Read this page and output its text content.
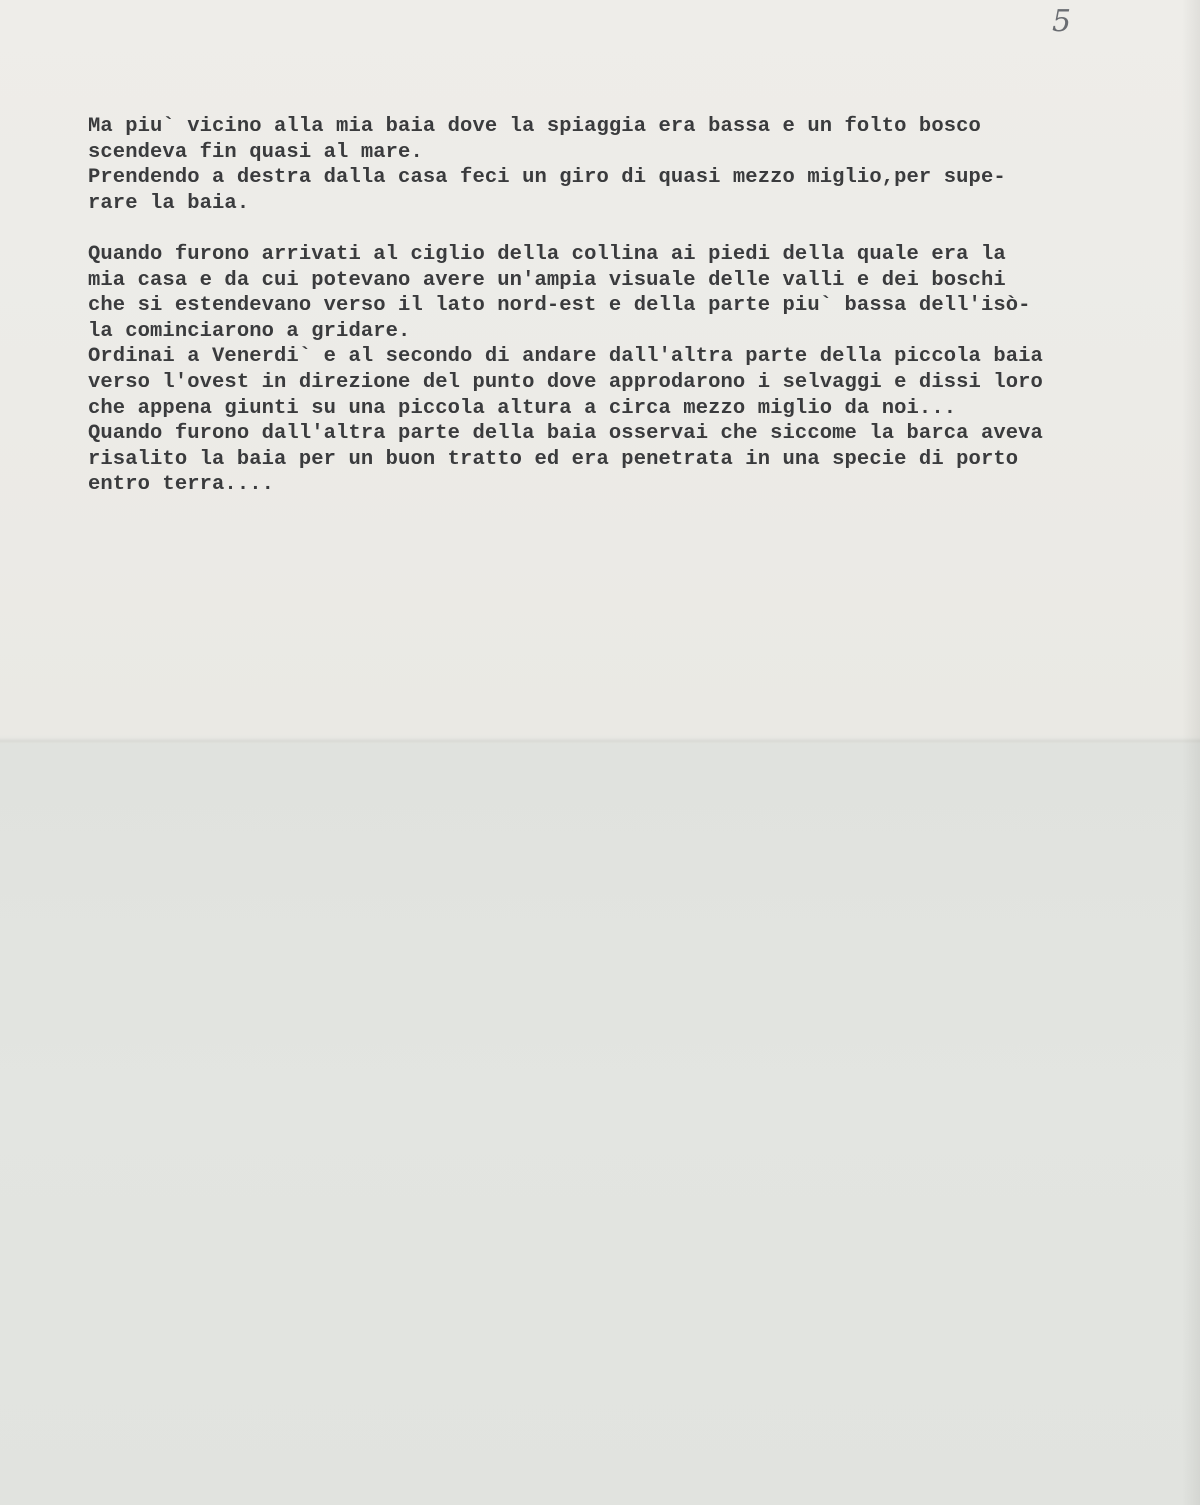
5

Ma piu` vicino alla mia baia dove la spiaggia era bassa e un folto bosco
scendeva fin quasi al mare.
Prendendo a destra dalla casa feci un giro di quasi mezzo miglio,per supe-
rare la baia.
Quando furono arrivati al ciglio della collina ai piedi della quale era la
mia casa e da cui potevano avere un'ampia visuale delle valli e dei boschi
che si estendevano verso il lato nord-est e della parte piu` bassa dell'isò-
la cominciarono a gridare.
Ordinai a Venerdi` e al secondo di andare dall'altra parte della piccola baia
verso l'ovest in direzione del punto dove approdarono i selvaggi e dissi loro
che appena giunti su una piccola altura a circa mezzo miglio da noi...
Quando furono dall'altra parte della baia osservai che siccome la barca aveva
risalito la baia per un buon tratto ed era penetrata in una specie di porto
entro terra....
